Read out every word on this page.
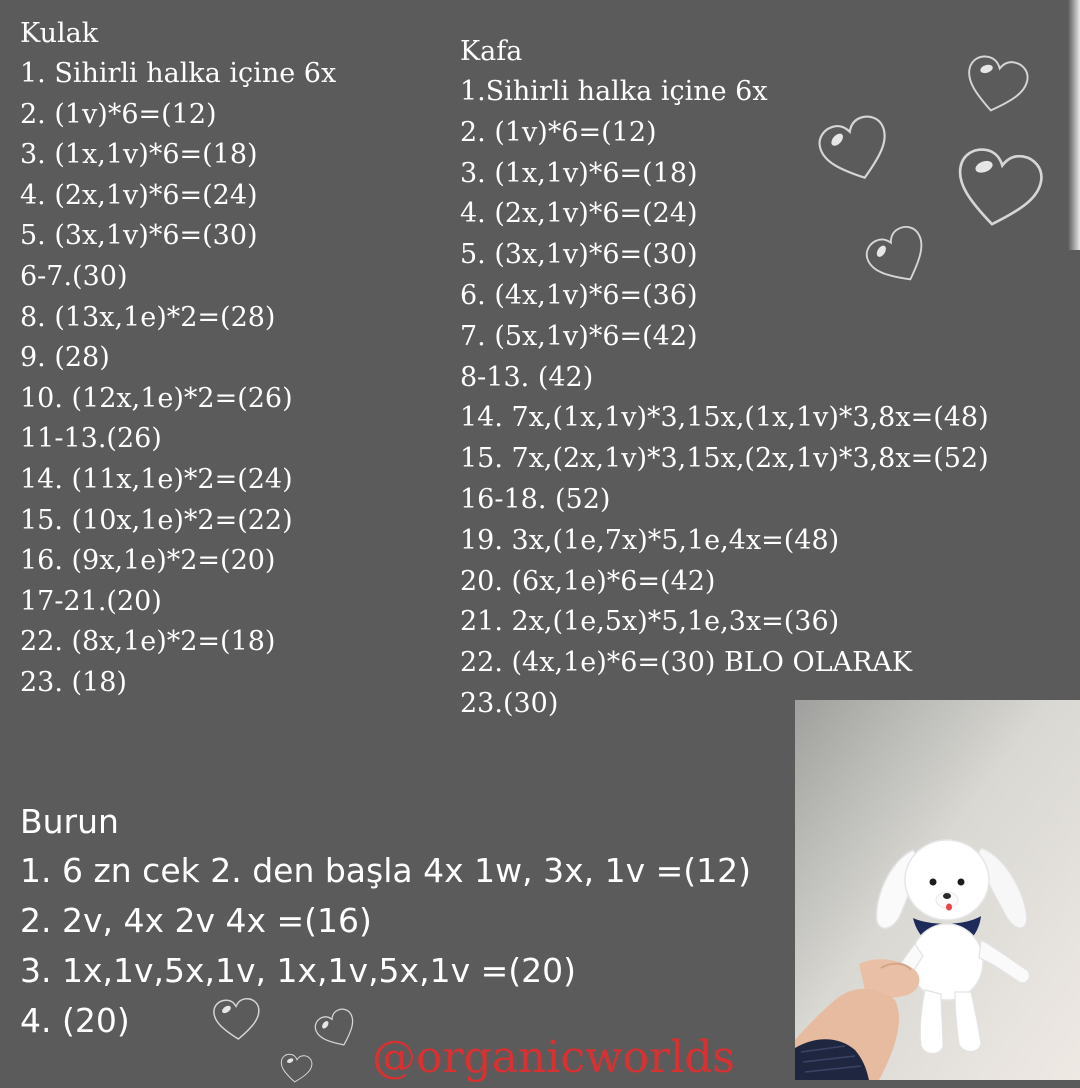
Kulak
1. Sihirli halka içine 6x
2. (1v)*6=(12)
3. (1x,1v)*6=(18)
4. (2x,1v)*6=(24)
5. (3x,1v)*6=(30)
6-7.(30)
8. (13x,1e)*2=(28)
9. (28)
10. (12x,1e)*2=(26)
11-13.(26)
14. (11x,1e)*2=(24)
15. (10x,1e)*2=(22)
16. (9x,1e)*2=(20)
17-21.(20)
22. (8x,1e)*2=(18)
23. (18)
Kafa
1.Sihirli halka içine 6x
2. (1v)*6=(12)
3. (1x,1v)*6=(18)
4. (2x,1v)*6=(24)
5. (3x,1v)*6=(30)
6. (4x,1v)*6=(36)
7. (5x,1v)*6=(42)
8-13. (42)
14. 7x,(1x,1v)*3,15x,(1x,1v)*3,8x=(48)
15. 7x,(2x,1v)*3,15x,(2x,1v)*3,8x=(52)
16-18. (52)
19. 3x,(1e,7x)*5,1e,4x=(48)
20. (6x,1e)*6=(42)
21. 2x,(1e,5x)*5,1e,3x=(36)
22. (4x,1e)*6=(30) BLO OLARAK
23.(30)
Burun
1. 6 zn cek 2. den başla 4x 1w, 3x, 1v =(12)
2. 2v, 4x 2v 4x =(16)
3. 1x,1v,5x,1v, 1x,1v,5x,1v =(20)
4. (20)
@organicworlds
